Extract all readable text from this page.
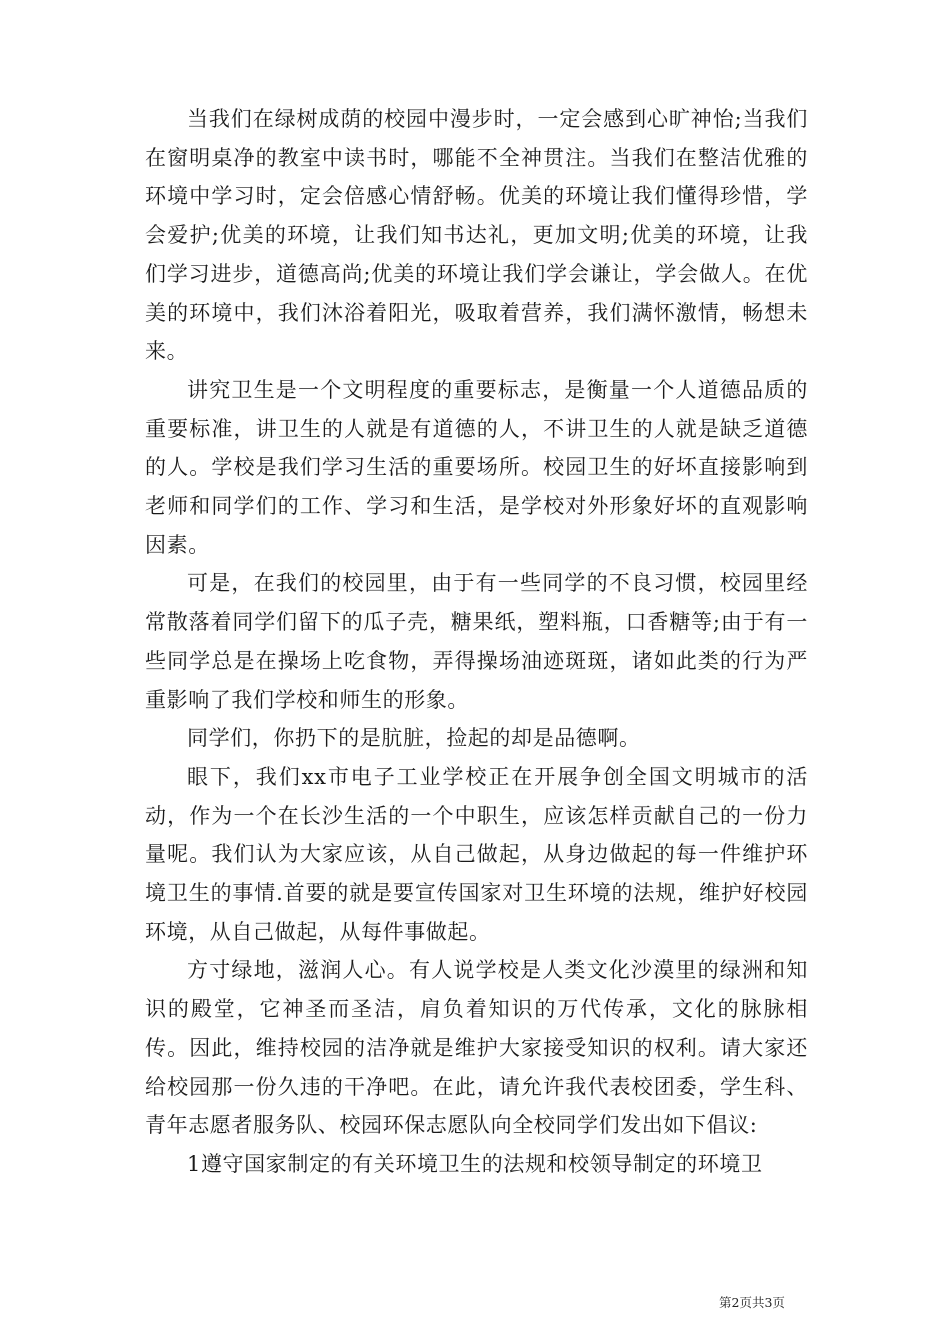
当我们在绿树成荫的校园中漫步时，一定会感到心旷神怡;当我们在窗明桌净的教室中读书时，哪能不全神贯注。当我们在整洁优雅的环境中学习时，定会倍感心情舒畅。优美的环境让我们懂得珍惜，学会爱护;优美的环境，让我们知书达礼，更加文明;优美的环境，让我们学习进步，道德高尚;优美的环境让我们学会谦让，学会做人。在优美的环境中，我们沐浴着阳光，吸取着营养，我们满怀激情，畅想未来。

讲究卫生是一个文明程度的重要标志，是衡量一个人道德品质的重要标准，讲卫生的人就是有道德的人，不讲卫生的人就是缺乏道德的人。学校是我们学习生活的重要场所。校园卫生的好坏直接影响到老师和同学们的工作、学习和生活，是学校对外形象好坏的直观影响因素。

可是，在我们的校园里，由于有一些同学的不良习惯，校园里经常散落着同学们留下的瓜子壳，糖果纸，塑料瓶，口香糖等;由于有一些同学总是在操场上吃食物，弄得操场油迹斑斑，诸如此类的行为严重影响了我们学校和师生的形象。

同学们，你扔下的是肮脏，捡起的却是品德啊。

眼下，我们xx市电子工业学校正在开展争创全国文明城市的活动，作为一个在长沙生活的一个中职生，应该怎样贡献自己的一份力量呢。我们认为大家应该，从自己做起，从身边做起的每一件维护环境卫生的事情.首要的就是要宣传国家对卫生环境的法规，维护好校园环境，从自己做起，从每件事做起。

方寸绿地，滋润人心。有人说学校是人类文化沙漠里的绿洲和知识的殿堂，它神圣而圣洁，肩负着知识的万代传承，文化的脉脉相传。因此，维持校园的洁净就是维护大家接受知识的权利。请大家还给校园那一份久违的干净吧。在此，请允许我代表校团委，学生科、青年志愿者服务队、校园环保志愿队向全校同学们发出如下倡议:

1遵守国家制定的有关环境卫生的法规和校领导制定的环境卫

第2页共3页
